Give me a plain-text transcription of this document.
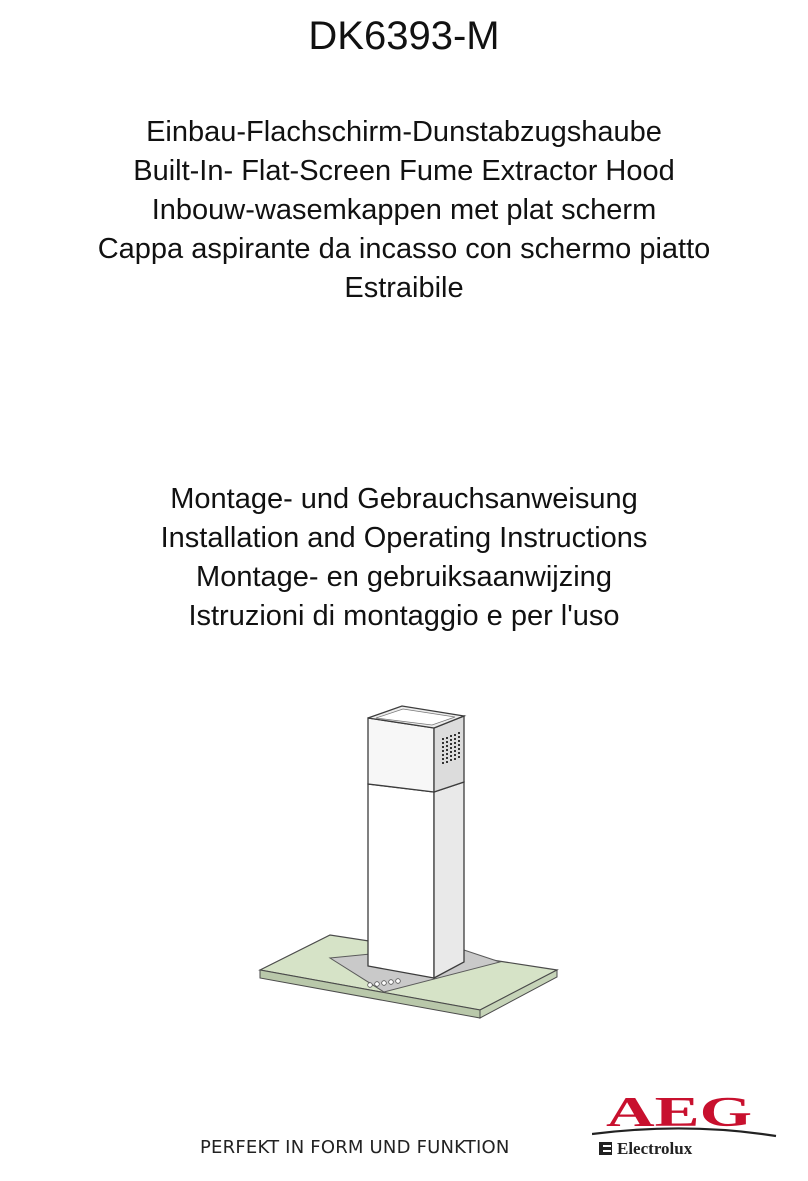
DK6393-M
Einbau-Flachschirm-Dunstabzugshaube
Built-In- Flat-Screen Fume Extractor Hood
Inbouw-wasemkappen met plat scherm
Cappa aspirante da incasso con schermo piatto
Estraibile
Montage- und Gebrauchsanweisung
Installation and Operating Instructions
Montage- en gebruiksaanwijzing
Istruzioni di montaggio e per l'uso
AEG
Electrolux
PERFEKT IN FORM UND FUNKTION
